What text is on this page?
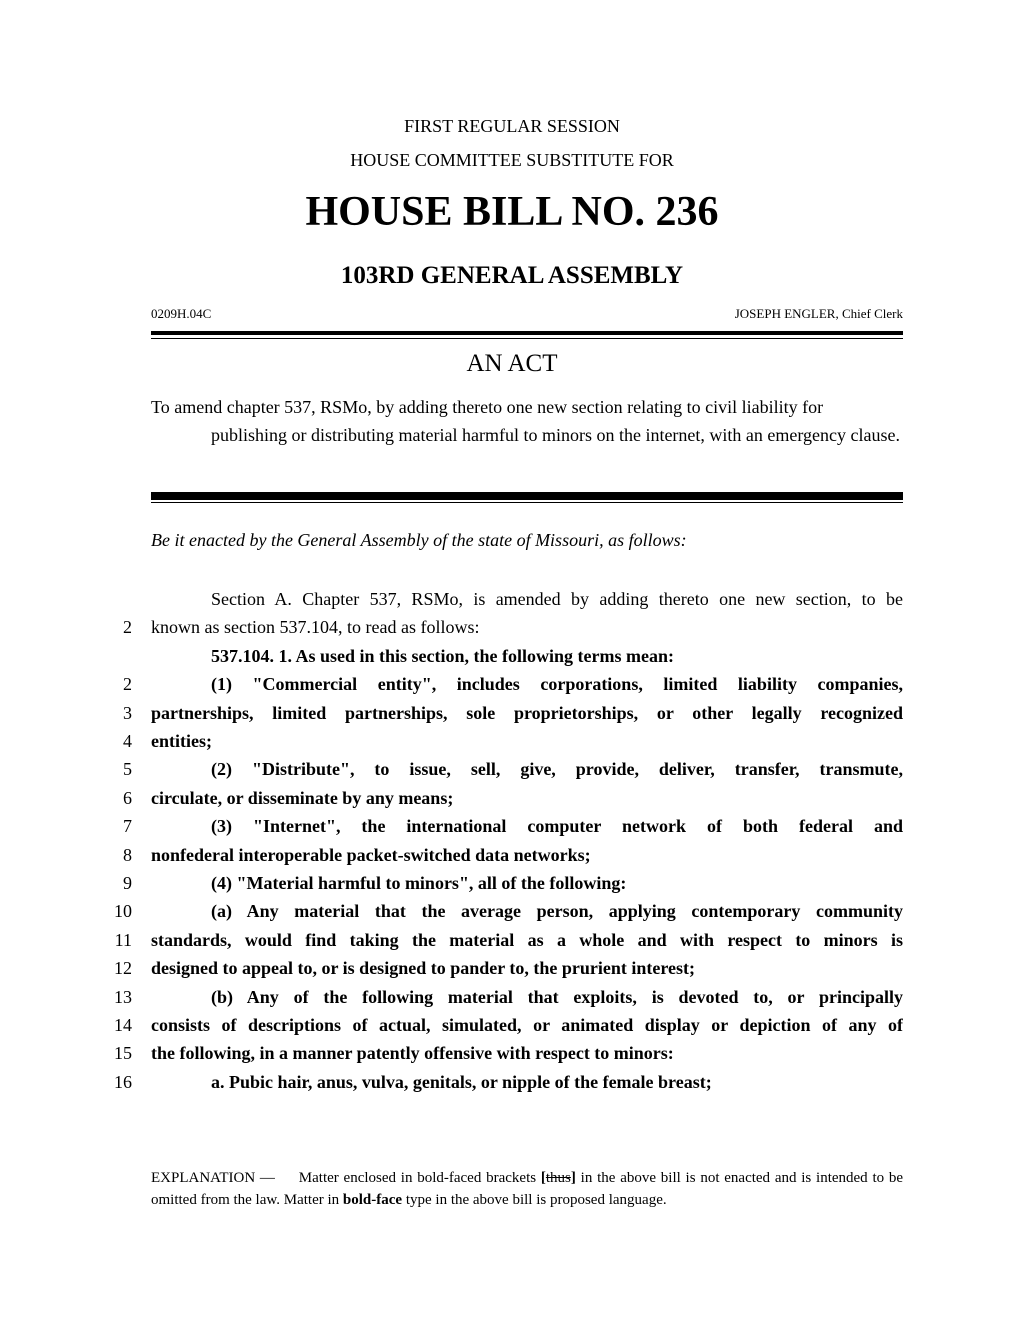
FIRST REGULAR SESSION
HOUSE COMMITTEE SUBSTITUTE FOR
HOUSE BILL NO. 236
103RD GENERAL ASSEMBLY
0209H.04C	JOSEPH ENGLER, Chief Clerk
AN ACT
To amend chapter 537, RSMo, by adding thereto one new section relating to civil liability for
publishing or distributing material harmful to minors on the internet, with an emergency clause.
Be it enacted by the General Assembly of the state of Missouri, as follows:
Section A. Chapter 537, RSMo, is amended by adding thereto one new section, to be
2 known as section 537.104, to read as follows:
537.104. 1. As used in this section, the following terms mean:
2	(1) "Commercial entity", includes corporations, limited liability companies,
3 partnerships, limited partnerships, sole proprietorships, or other legally recognized
4 entities;
5	(2) "Distribute", to issue, sell, give, provide, deliver, transfer, transmute,
6 circulate, or disseminate by any means;
7	(3) "Internet", the international computer network of both federal and
8 nonfederal interoperable packet-switched data networks;
9	(4) "Material harmful to minors", all of the following:
10	(a) Any material that the average person, applying contemporary community
11 standards, would find taking the material as a whole and with respect to minors is
12 designed to appeal to, or is designed to pander to, the prurient interest;
13	(b) Any of the following material that exploits, is devoted to, or principally
14 consists of descriptions of actual, simulated, or animated display or depiction of any of
15 the following, in a manner patently offensive with respect to minors:
16	a. Pubic hair, anus, vulva, genitals, or nipple of the female breast;
EXPLANATION — Matter enclosed in bold-faced brackets [thus] in the above bill is not enacted and is intended to be omitted from the law. Matter in bold-face type in the above bill is proposed language.
